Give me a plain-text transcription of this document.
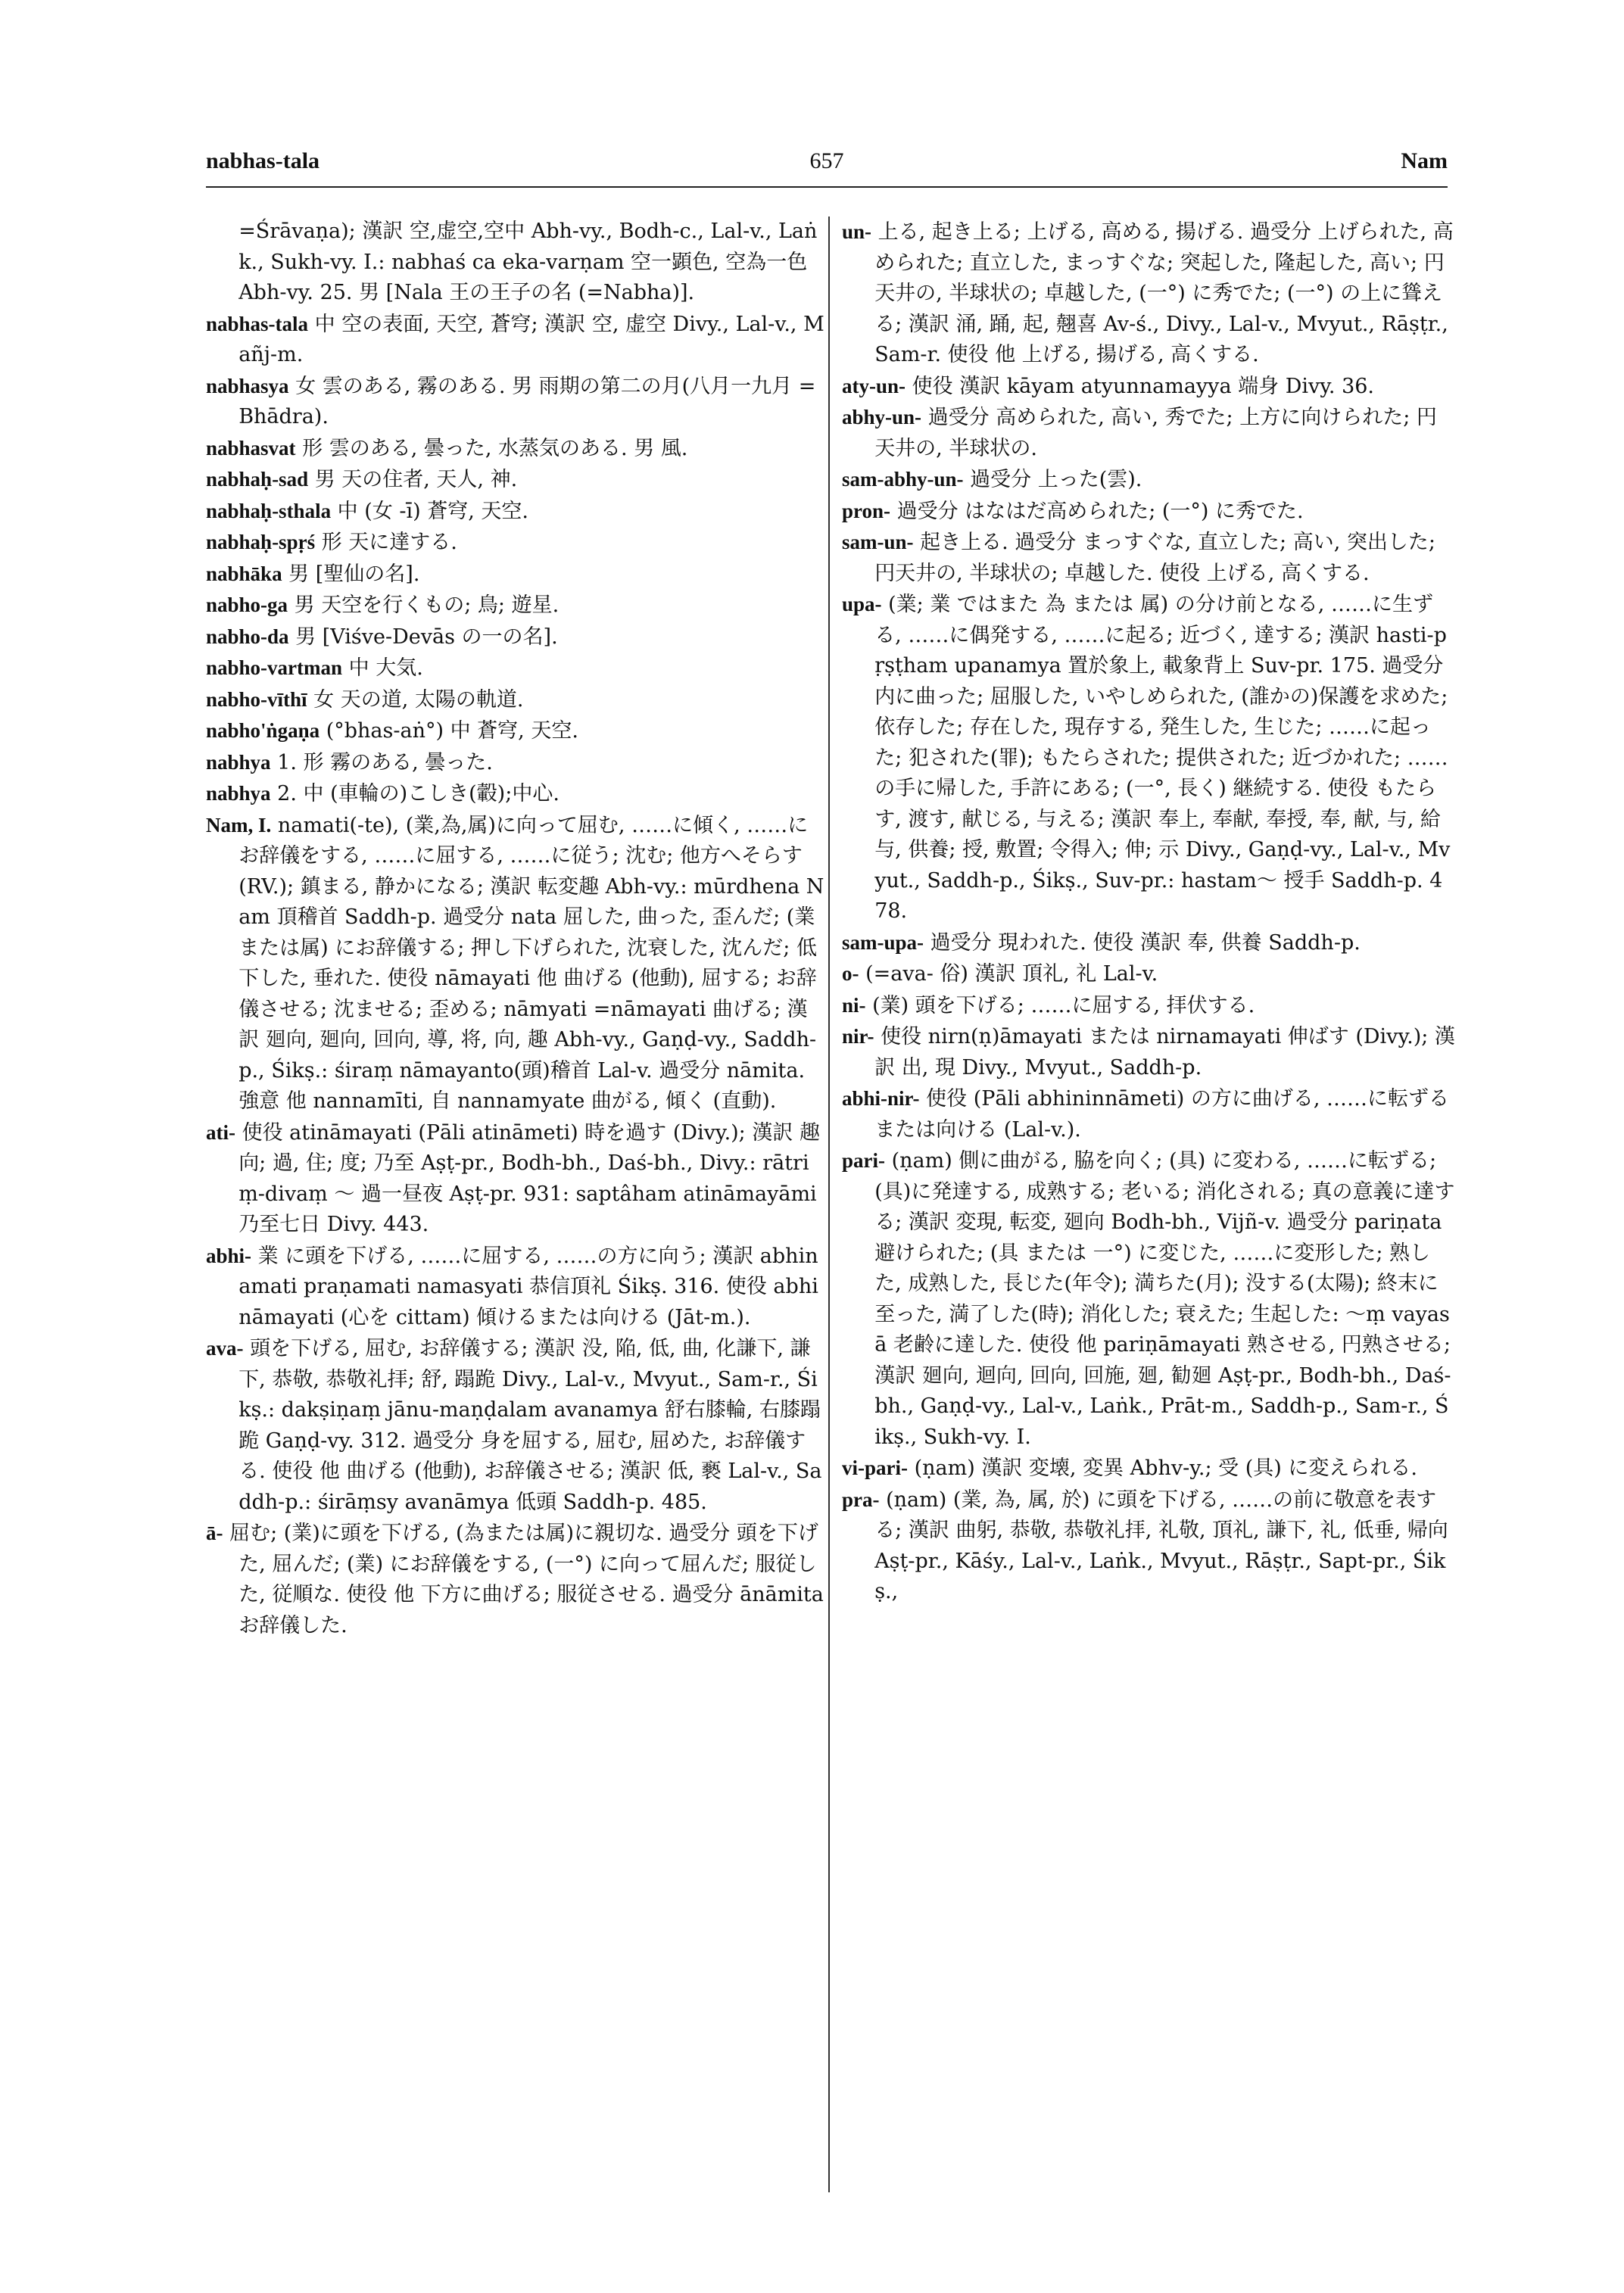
nabhas-tala	657	Nam

=Śrāvaṇa); 漢訳 空,虚空,空中 Abh-vy., Bodh-c., Lal-v., Laṅk., Sukh-vy. I.: nabhaś ca eka-varṇam 空一顕色, 空為一色 Abh-vy. 25. 男 [Nala 王の王子の名 (=Nabha)].

nabhas-tala 中 空の表面, 天空, 蒼穹; 漢訳 空, 虚空 Divy., Lal-v., Mañj-m.

nabhasya 女 雲のある, 霧のある. 男 雨期の第二の月(八月一九月 =Bhādra).

nabhasvat 形 雲のある, 曇った, 水蒸気のある. 男 風.

nabhaḥ-sad 男 天の住者, 天人, 神.

nabhaḥ-sthala 中 (女 -ī) 蒼穹, 天空.

nabhaḥ-spṛś 形 天に達する.

nabhāka 男 [聖仙の名].

nabho-ga 男 天空を行くもの; 鳥; 遊星.

nabho-da 男 [Viśve-Devās の一の名].

nabho-vartman 中 大気.

nabho-vīthī 女 天の道, 太陽の軌道.

nabho'ṅgaṇa (°bhas-aṅ°) 中 蒼穹, 天空.

nabhya 1. 形 霧のある, 曇った.

nabhya 2. 中 (車輪の)こしき(轂);中心.

Nam, I. namati(-te), (業,為,属)に向って屈む, ……に傾く, ……にお辞儀をする, ……に屈する, ……に従う; 沈む; 他方へそらす (RV.); 鎮まる, 静かになる; 漢訳 転変趣 Abh-vy.: mūrdhena Nam 頂稽首 Saddh-p. 過受分 nata 屈した, 曲った, 歪んだ; (業または属) にお辞儀する; 押し下げられた, 沈衰した, 沈んだ; 低下した, 垂れた. 使役 nāmayati 他 曲げる (他動), 屈する; お辞儀させる; 沈ませる; 歪める; nāmyati =nāmayati 曲げる; 漢訳 廻向, 廻向, 回向, 導, 将, 向, 趣 Abh-vy., Gaṇḍ-vy., Saddh-p., Śikṣ.: śiraṃ nāmayanto(頭)稽首 Lal-v. 過受分 nāmita. 強意 他 nannamīti, 自 nannamyate 曲がる, 傾く (直動).

ati- 使役 atināmayati (Pāli atināmeti) 時を過す (Divy.); 漢訳 趣向; 過, 住; 度; 乃至 Aṣṭ-pr., Bodh-bh., Daś-bh., Divy.: rātriṃ-divaṃ ～ 過一昼夜 Aṣṭ-pr. 931: saptâham atināmayāmi 乃至七日 Divy. 443.

abhi- 業 に頭を下げる, ……に屈する, ……の方に向う; 漢訳 abhinamati praṇamati namasyati 恭信頂礼 Śikṣ. 316. 使役 abhināmayati (心を cittam) 傾けるまたは向ける (Jāt-m.).

ava- 頭を下げる, 屈む, お辞儀する; 漢訳 没, 陥, 低, 曲, 化謙下, 謙下, 恭敬, 恭敬礼拝; 舒, 蹋跪 Divy., Lal-v., Mvyut., Sam-r., Śikṣ.: dakṣiṇaṃ jānu-maṇḍalam avanamya 舒右膝輪, 右膝蹋跪 Gaṇḍ-vy. 312. 過受分 身を屈する, 屈む, 屈めた, お辞儀する. 使役 他 曲げる (他動), お辞儀させる; 漢訳 低, 褻 Lal-v., Saddh-p.: śirāṃsy avanāmya 低頭 Saddh-p. 485.

ā- 屈む; (業)に頭を下げる, (為または属)に親切な. 過受分 頭を下げた, 屈んだ; (業) にお辞儀をする, (一°) に向って屈んだ; 服従した, 従順な. 使役 他 下方に曲げる; 服従させる. 過受分 ānāmita お辞儀した.

un- 上る, 起き上る; 上げる, 高める, 揚げる. 過受分 上げられた, 高められた; 直立した, まっすぐな; 突起した, 隆起した, 高い; 円天井の, 半球状の; 卓越した, (一°) に秀でた; (一°) の上に聳える; 漢訳 涌, 踊, 起, 翹喜 Av-ś., Divy., Lal-v., Mvyut., Rāṣṭr., Sam-r. 使役 他 上げる, 揚げる, 高くする.

aty-un- 使役 漢訳 kāyam atyunnamayya 端身 Divy. 36.

abhy-un- 過受分 高められた, 高い, 秀でた; 上方に向けられた; 円天井の, 半球状の.

sam-abhy-un- 過受分 上った(雲).

pron- 過受分 はなはだ高められた; (一°) に秀でた.

sam-un- 起き上る. 過受分 まっすぐな, 直立した; 高い, 突出した; 円天井の, 半球状の; 卓越した. 使役 上げる, 高くする.

upa- (業; 業 ではまた 為 または 属) の分け前となる, ……に生ずる, ……に偶発する, ……に起る; 近づく, 達する; 漢訳 hasti-pṛṣṭham upanamya 置於象上, 載象背上 Suv-pr. 175. 過受分 内に曲った; 屈服した, いやしめられた, (誰かの)保護を求めた; 依存した; 存在した, 現存する, 発生した, 生じた; ……に起った; 犯された(罪); もたらされた; 提供された; 近づかれた; ……の手に帰した, 手許にある; (一°, 長く) 継続する. 使役 もたらす, 渡す, 献じる, 与える; 漢訳 奉上, 奉献, 奉授, 奉, 献, 与, 給与, 供養; 授, 敷置; 令得入; 伸; 示 Divy., Gaṇḍ-vy., Lal-v., Mvyut., Saddh-p., Śikṣ., Suv-pr.: hastam～ 授手 Saddh-p. 478.

sam-upa- 過受分 現われた. 使役 漢訳 奉, 供養 Saddh-p.

o- (=ava- 俗) 漢訳 頂礼, 礼 Lal-v.

ni- (業) 頭を下げる; ……に屈する, 拝伏する.

nir- 使役 nirn(ṇ)āmayati または nirnamayati 伸ばす (Divy.); 漢訳 出, 現 Divy., Mvyut., Saddh-p.

abhi-nir- 使役 (Pāli abhininnāmeti) の方に曲げる, ……に転ずるまたは向ける (Lal-v.).

pari- (ṇam) 側に曲がる, 脇を向く; (具) に変わる, ……に転ずる; (具)に発達する, 成熟する; 老いる; 消化される; 真の意義に達する; 漢訳 変現, 転変, 廻向 Bodh-bh., Vijñ-v. 過受分 pariṇata 避けられた; (具 または 一°) に変じた, ……に変形した; 熟した, 成熟した, 長じた(年令); 満ちた(月); 没する(太陽); 終末に至った, 満了した(時); 消化した; 衰えた; 生起した: ～ṃ vayasā 老齢に達した. 使役 他 pariṇāmayati 熟させる, 円熟させる; 漢訳 廻向, 迴向, 回向, 回施, 廻, 勧廻 Aṣṭ-pr., Bodh-bh., Daś-bh., Gaṇḍ-vy., Lal-v., Laṅk., Prāt-m., Saddh-p., Sam-r., Śikṣ., Sukh-vy. I.

vi-pari- (ṇam) 漢訳 変壊, 変異 Abhv-y.; 受 (具) に変えられる.

pra- (ṇam) (業, 為, 属, 於) に頭を下げる, ……の前に敬意を表する; 漢訳 曲躬, 恭敬, 恭敬礼拝, 礼敬, 頂礼, 謙下, 礼, 低垂, 帰向 Aṣṭ-pr., Kāśy., Lal-v., Laṅk., Mvyut., Rāṣṭr., Sapt-pr., Śikṣ.,
